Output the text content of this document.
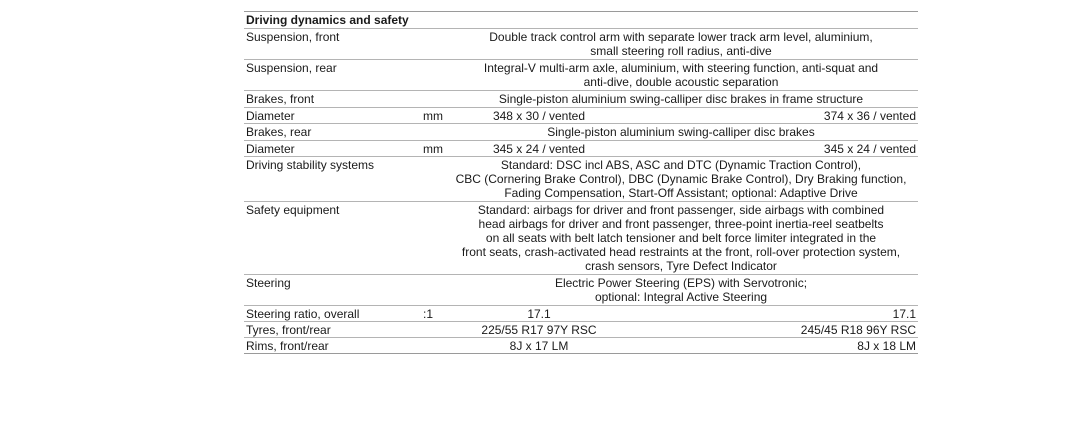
Driving dynamics and safety
Suspension, front	Double track control arm with separate lower track arm level, aluminium,
small steering roll radius, anti-dive
Suspension, rear	Integral-V multi-arm axle, aluminium, with steering function, anti-squat and
anti-dive, double acoustic separation
Brakes, front	Single-piston aluminium swing-calliper disc brakes in frame structure
Diameter	mm	348 x 30 / vented	374 x 36 / vented
Brakes, rear	Single-piston aluminium swing-calliper disc brakes
Diameter	mm	345 x 24 / vented	345 x 24 / vented
Driving stability systems	Standard: DSC incl ABS, ASC and DTC (Dynamic Traction Control),
CBC (Cornering Brake Control), DBC (Dynamic Brake Control), Dry Braking function,
Fading Compensation, Start-Off Assistant; optional: Adaptive Drive
Safety equipment	Standard: airbags for driver and front passenger, side airbags with combined
head airbags for driver and front passenger, three-point inertia-reel seatbelts
on all seats with belt latch tensioner and belt force limiter integrated in the
front seats, crash-activated head restraints at the front, roll-over protection system,
crash sensors, Tyre Defect Indicator
Steering	Electric Power Steering (EPS) with Servotronic;
optional: Integral Active Steering
Steering ratio, overall	:1	17.1	17.1
Tyres, front/rear	225/55 R17 97Y RSC	245/45 R18 96Y RSC
Rims, front/rear	8J x 17 LM	8J x 18 LM
